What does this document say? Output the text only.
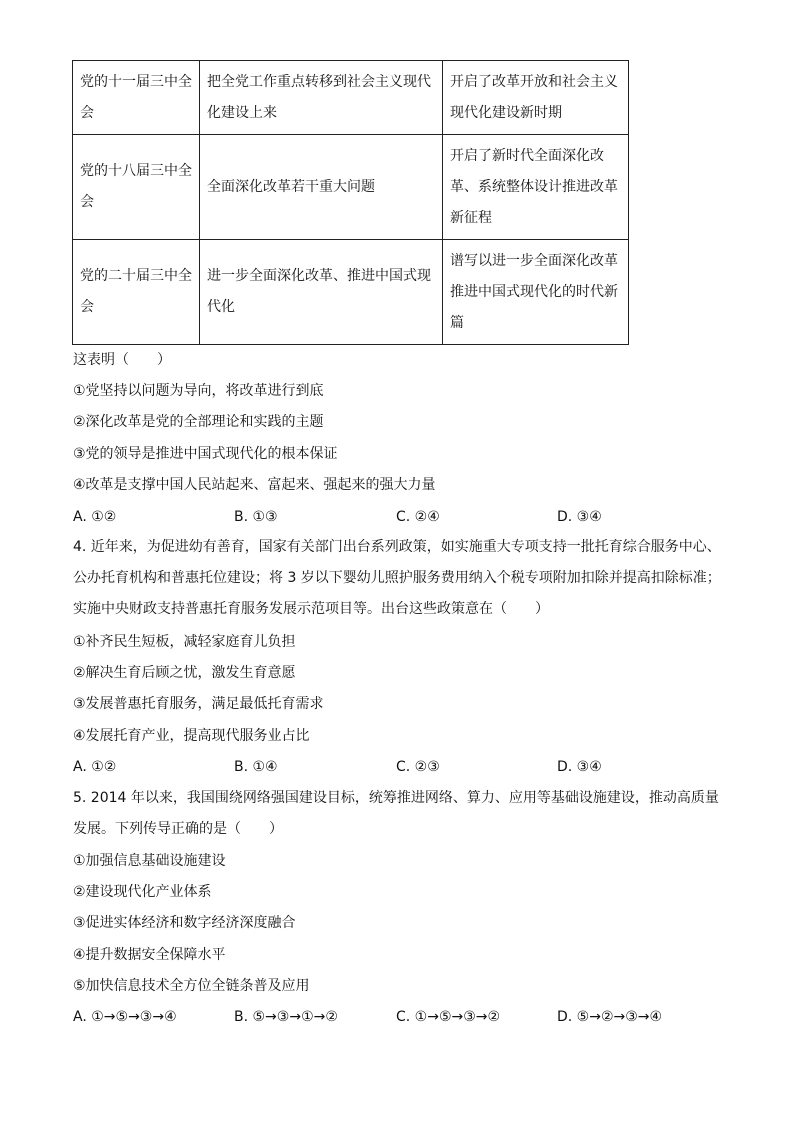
党的十一届三中全会	把全党工作重点转移到社会主义现代化建设上来	开启了改革开放和社会主义现代化建设新时期
党的十八届三中全会	全面深化改革若干重大问题	开启了新时代全面深化改革、系统整体设计推进改革新征程
党的二十届三中全会	进一步全面深化改革、推进中国式现代化	谱写以进一步全面深化改革推进中国式现代化的时代新篇
这表明（　　）
①党坚持以问题为导向，将改革进行到底
②深化改革是党的全部理论和实践的主题
③党的领导是推进中国式现代化的根本保证
④改革是支撑中国人民站起来、富起来、强起来的强大力量
A. ①②	B. ①③	C. ②④	D. ③④
4. 近年来，为促进幼有善育，国家有关部门出台系列政策，如实施重大专项支持一批托育综合服务中心、公办托育机构和普惠托位建设；将 3 岁以下婴幼儿照护服务费用纳入个税专项附加扣除并提高扣除标准；实施中央财政支持普惠托育服务发展示范项目等。出台这些政策意在（　　）
①补齐民生短板，减轻家庭育儿负担
②解决生育后顾之忧，激发生育意愿
③发展普惠托育服务，满足最低托育需求
④发展托育产业，提高现代服务业占比
A. ①②	B. ①④	C. ②③	D. ③④
5. 2014 年以来，我国围绕网络强国建设目标，统筹推进网络、算力、应用等基础设施建设，推动高质量发展。下列传导正确的是（　　）
①加强信息基础设施建设
②建设现代化产业体系
③促进实体经济和数字经济深度融合
④提升数据安全保障水平
⑤加快信息技术全方位全链条普及应用
A. ①→⑤→③→④	B. ⑤→③→①→②	C. ①→⑤→③→②	D. ⑤→②→③→④
